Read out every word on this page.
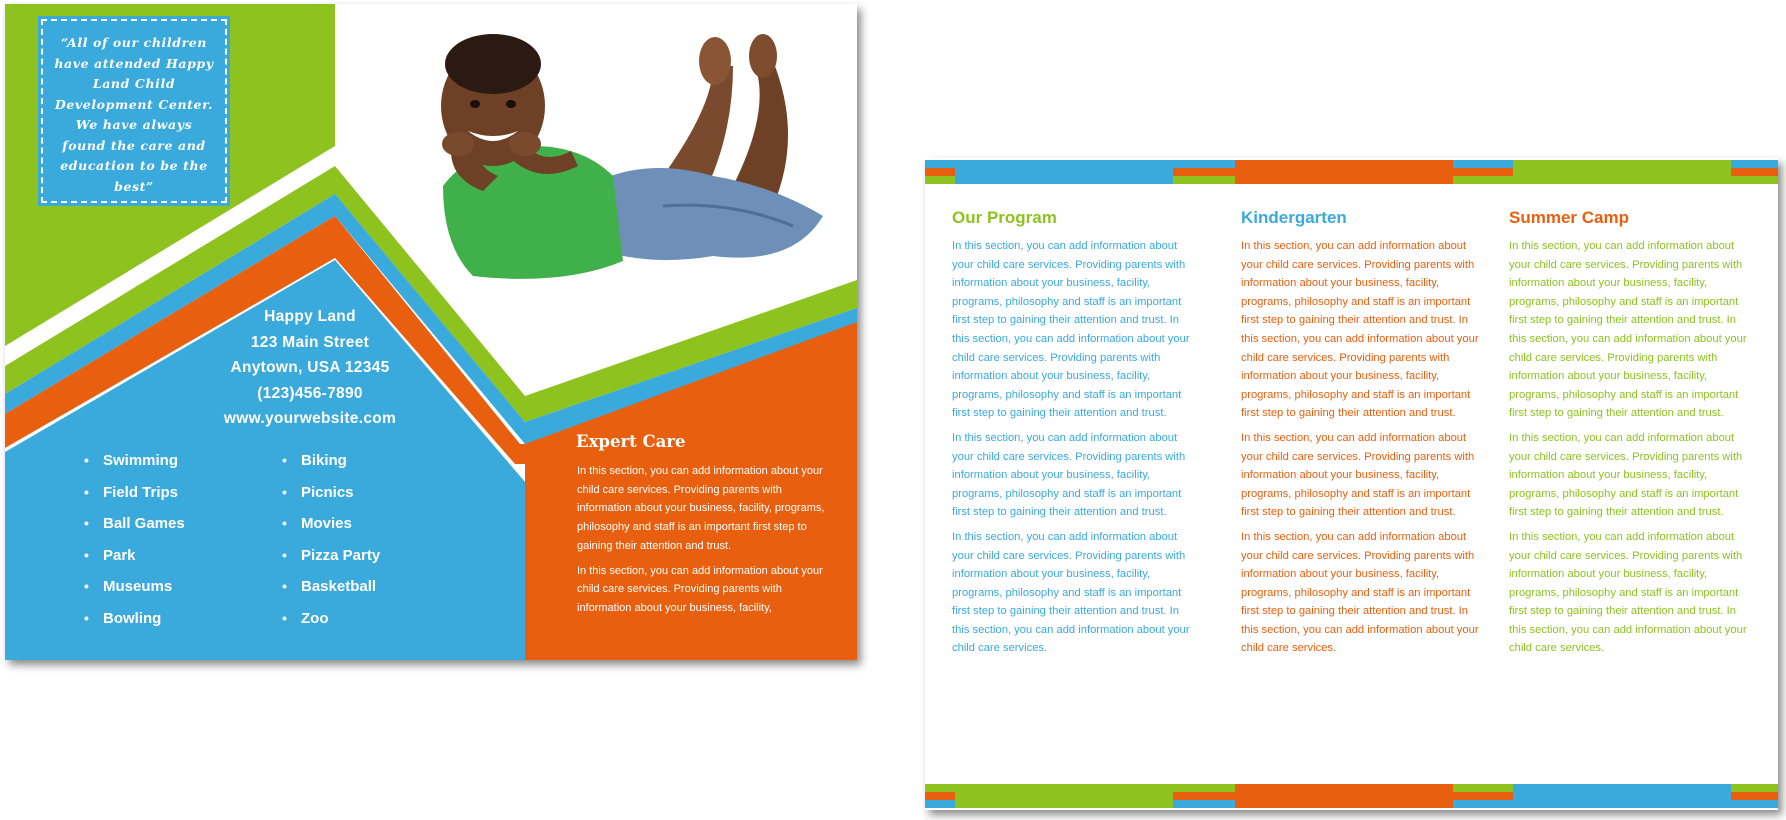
“All of our children have attended Happy Land Child Development Center. We have always found the care and education to be the best”
Happy Land
123 Main Street
Anytown, USA 12345
(123)456-7890
www.yourwebsite.com
• Swimming
• Field Trips
• Ball Games
• Park
• Museums
• Bowling
• Biking
• Picnics
• Movies
• Pizza Party
• Basketball
• Zoo
Expert Care

In this section, you can add information about your child care services. Providing parents with information about your business, facility, programs, philosophy and staff is an important first step to gaining their attention and trust.

In this section, you can add information about your child care services. Providing parents with information about your business, facility,

Our Program

In this section, you can add information about your child care services. Providing parents with information about your business, facility, programs, philosophy and staff is an important first step to gaining their attention and trust. In this section, you can add information about your child care services. Providing parents with information about your business, facility, programs, philosophy and staff is an important first step to gaining their attention and trust.

In this section, you can add information about your child care services. Providing parents with information about your business, facility, programs, philosophy and staff is an important first step to gaining their attention and trust.

In this section, you can add information about your child care services. Providing parents with information about your business, facility, programs, philosophy and staff is an important first step to gaining their attention and trust. In this section, you can add information about your child care services.

Kindergarten

In this section, you can add information about your child care services. Providing parents with information about your business, facility, programs, philosophy and staff is an important first step to gaining their attention and trust. In this section, you can add information about your child care services. Providing parents with information about your business, facility, programs, philosophy and staff is an important first step to gaining their attention and trust.

In this section, you can add information about your child care services. Providing parents with information about your business, facility, programs, philosophy and staff is an important first step to gaining their attention and trust.

In this section, you can add information about your child care services. Providing parents with information about your business, facility, programs, philosophy and staff is an important first step to gaining their attention and trust. In this section, you can add information about your child care services.

Summer Camp

In this section, you can add information about your child care services. Providing parents with information about your business, facility, programs, philosophy and staff is an important first step to gaining their attention and trust. In this section, you can add information about your child care services. Providing parents with information about your business, facility, programs, philosophy and staff is an important first step to gaining their attention and trust.

In this section, you can add information about your child care services. Providing parents with information about your business, facility, programs, philosophy and staff is an important first step to gaining their attention and trust.

In this section, you can add information about your child care services. Providing parents with information about your business, facility, programs, philosophy and staff is an important first step to gaining their attention and trust. In this section, you can add information about your child care services.
